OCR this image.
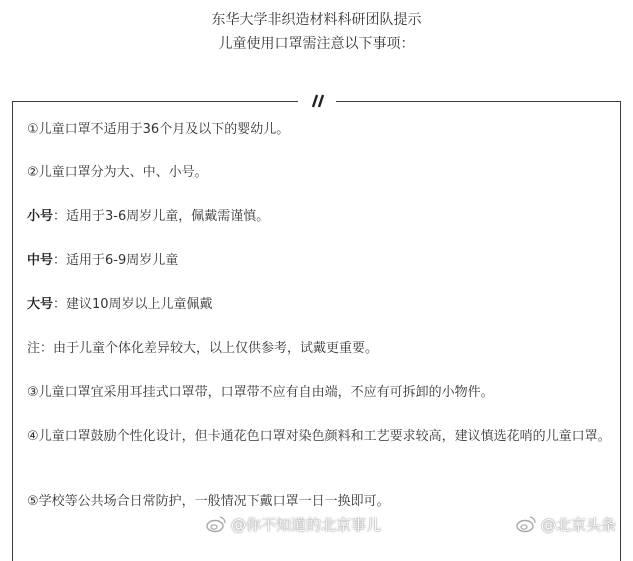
东华大学非织造材料科研团队提示
儿童使用口罩需注意以下事项：
①儿童口罩不适用于36个月及以下的婴幼儿。
②儿童口罩分为大、中、小号。
小号：适用于3-6周岁儿童，佩戴需谨慎。
中号：适用于6-9周岁儿童
大号：建议10周岁以上儿童佩戴
注：由于儿童个体化差异较大，以上仅供参考，试戴更重要。
③儿童口罩宜采用耳挂式口罩带，口罩带不应有自由端，不应有可拆卸的小物件。
④儿童口罩鼓励个性化设计，但卡通花色口罩对染色颜料和工艺要求较高，建议慎选花哨的儿童口罩。
⑤学校等公共场合日常防护，一般情况下戴口罩一日一换即可。
@你不知道的北京事儿	@北京头条
